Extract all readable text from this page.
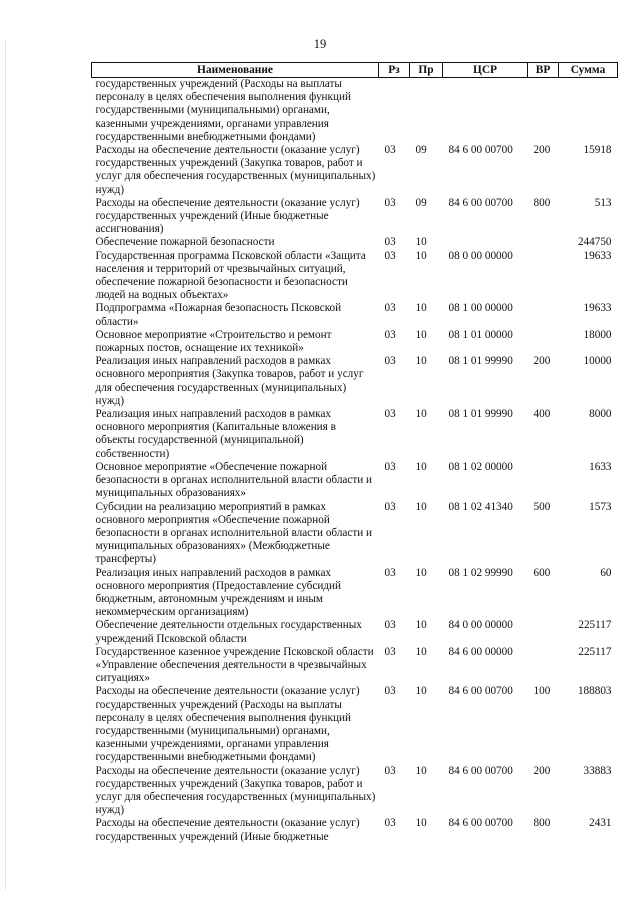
19
Наименование	Рз	Пр	ЦСР	ВР	Сумма
государственных учреждений (Расходы на выплаты персоналу в целях обеспечения выполнения функций государственными (муниципальными) органами, казенными учреждениями, органами управления государственными внебюджетными фондами)					
Расходы на обеспечение деятельности (оказание услуг) государственных учреждений (Закупка товаров, работ и услуг для обеспечения государственных (муниципальных) нужд)	03	09	84 6 00 00700	200	15918
Расходы на обеспечение деятельности (оказание услуг) государственных учреждений (Иные бюджетные ассигнования)	03	09	84 6 00 00700	800	513
Обеспечение пожарной безопасности	03	10			244750
Государственная программа Псковской области «Защита населения и территорий от чрезвычайных ситуаций, обеспечение пожарной безопасности и безопасности людей на водных объектах»	03	10	08 0 00 00000		19633
Подпрограмма «Пожарная безопасность Псковской области»	03	10	08 1 00 00000		19633
Основное мероприятие «Строительство и ремонт пожарных постов, оснащение их техникой»	03	10	08 1 01 00000		18000
Реализация иных направлений расходов в рамках основного мероприятия (Закупка товаров, работ и услуг для обеспечения государственных (муниципальных) нужд)	03	10	08 1 01 99990	200	10000
Реализация иных направлений расходов в рамках основного мероприятия (Капитальные вложения в объекты государственной (муниципальной) собственности)	03	10	08 1 01 99990	400	8000
Основное мероприятие «Обеспечение пожарной безопасности в органах исполнительной власти области и муниципальных образованиях»	03	10	08 1 02 00000		1633
Субсидии на реализацию мероприятий в рамках основного мероприятия «Обеспечение пожарной безопасности в органах исполнительной власти области и муниципальных образованиях» (Межбюджетные трансферты)	03	10	08 1 02 41340	500	1573
Реализация иных направлений расходов в рамках основного мероприятия (Предоставление субсидий бюджетным, автономным учреждениям и иным некоммерческим организациям)	03	10	08 1 02 99990	600	60
Обеспечение деятельности отдельных государственных учреждений Псковской области	03	10	84 0 00 00000		225117
Государственное казенное учреждение Псковской области «Управление обеспечения деятельности в чрезвычайных ситуациях»	03	10	84 6 00 00000		225117
Расходы на обеспечение деятельности (оказание услуг) государственных учреждений (Расходы на выплаты персоналу в целях обеспечения выполнения функций государственными (муниципальными) органами, казенными учреждениями, органами управления государственными внебюджетными фондами)	03	10	84 6 00 00700	100	188803
Расходы на обеспечение деятельности (оказание услуг) государственных учреждений (Закупка товаров, работ и услуг для обеспечения государственных (муниципальных) нужд)	03	10	84 6 00 00700	200	33883
Расходы на обеспечение деятельности (оказание услуг) государственных учреждений (Иные бюджетные	03	10	84 6 00 00700	800	2431
